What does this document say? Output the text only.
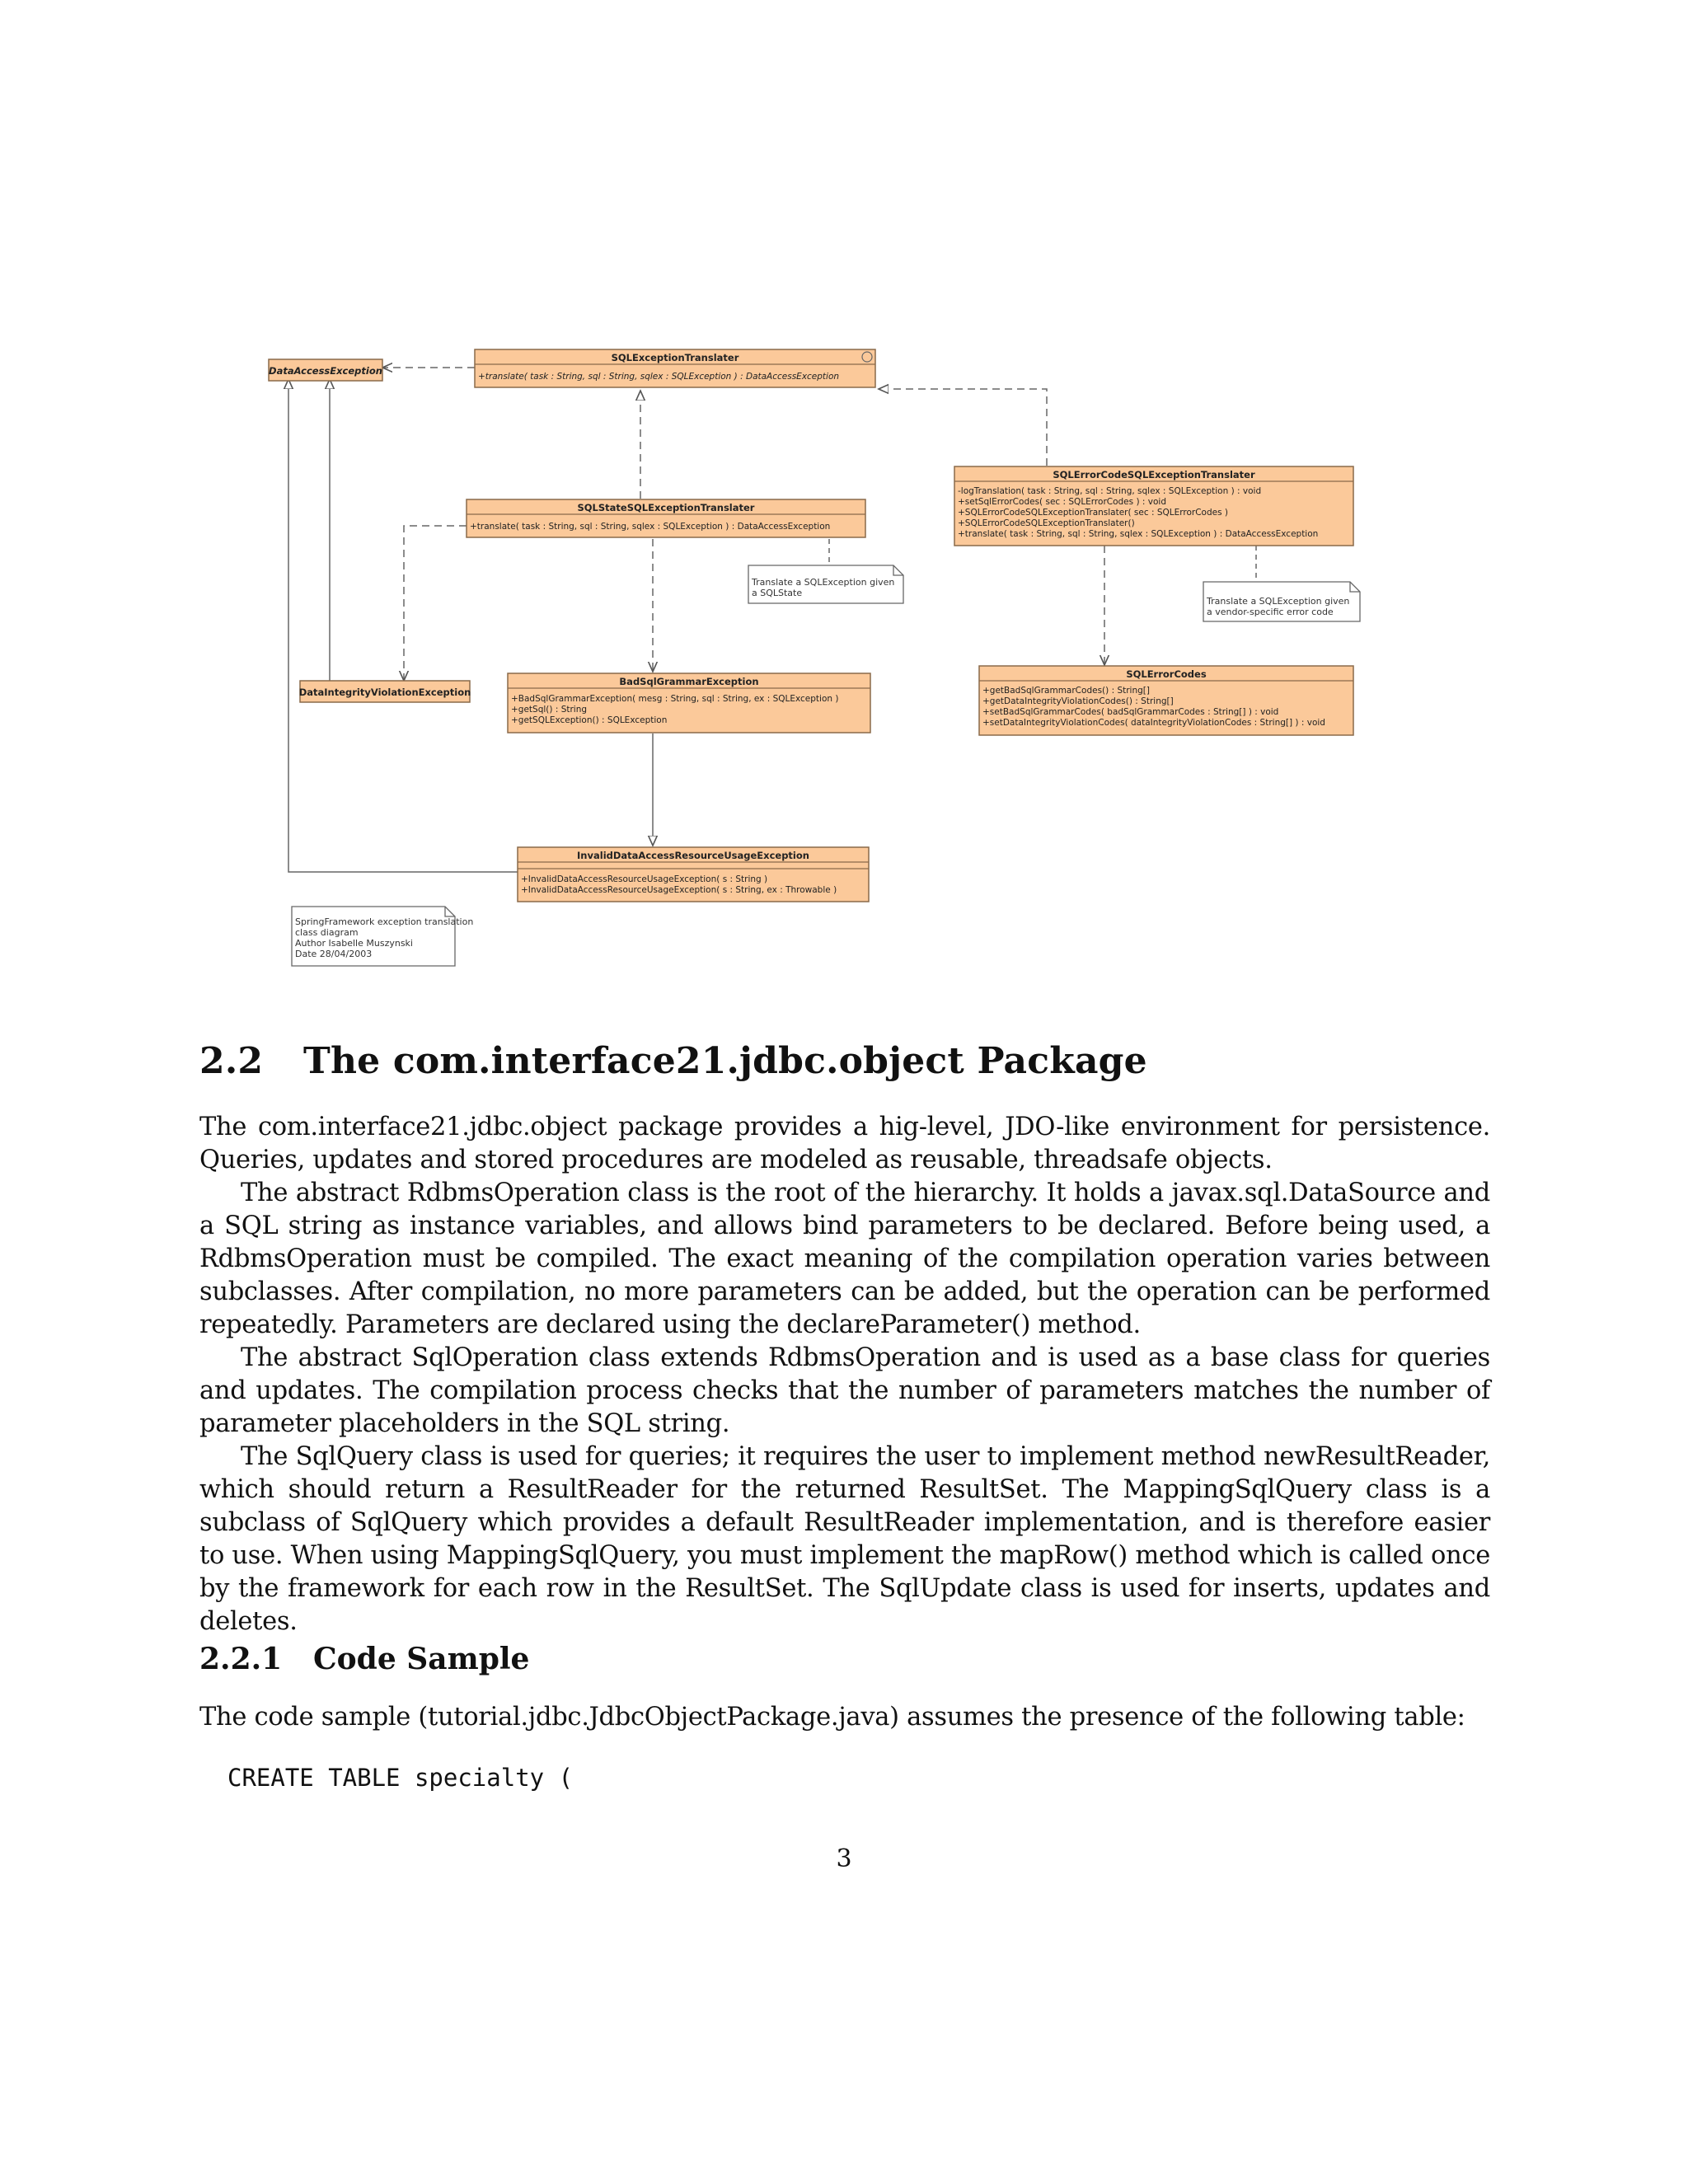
DataAccessException
SQLExceptionTranslater
+translate( task : String, sql : String, sqlex : SQLException ) : DataAccessException
SQLStateSQLExceptionTranslater
+translate( task : String, sql : String, sqlex : SQLException ) : DataAccessException
SQLErrorCodeSQLExceptionTranslater
-logTranslation( task : String, sql : String, sqlex : SQLException ) : void
+setSqlErrorCodes( sec : SQLErrorCodes ) : void
+SQLErrorCodeSQLExceptionTranslater( sec : SQLErrorCodes )
+SQLErrorCodeSQLExceptionTranslater()
+translate( task : String, sql : String, sqlex : SQLException ) : DataAccessException
Translate a SQLException given
a SQLState
Translate a SQLException given
a vendor-specific error code
DataIntegrityViolationException
BadSqlGrammarException
+BadSqlGrammarException( mesg : String, sql : String, ex : SQLException )
+getSql() : String
+getSQLException() : SQLException
SQLErrorCodes
+getBadSqlGrammarCodes() : String[]
+getDataIntegrityViolationCodes() : String[]
+setBadSqlGrammarCodes( badSqlGrammarCodes : String[] ) : void
+setDataIntegrityViolationCodes( dataIntegrityViolationCodes : String[] ) : void
InvalidDataAccessResourceUsageException
+InvalidDataAccessResourceUsageException( s : String )
+InvalidDataAccessResourceUsageException( s : String, ex : Throwable )
SpringFramework exception translation
class diagram
Author Isabelle Muszynski
Date 28/04/2003
2.2 The com.interface21.jdbc.object Package

The com.interface21.jdbc.object package provides a hig-level, JDO-like environment for persistence. Queries, updates and stored procedures are modeled as reusable, threadsafe objects.

The abstract RdbmsOperation class is the root of the hierarchy. It holds a javax.sql.DataSource and a SQL string as instance variables, and allows bind parameters to be declared. Before being used, a RdbmsOperation must be compiled. The exact meaning of the compilation operation varies between subclasses. After compilation, no more parameters can be added, but the operation can be performed repeatedly. Parameters are declared using the declareParameter() method.

The abstract SqlOperation class extends RdbmsOperation and is used as a base class for queries and updates. The compilation process checks that the number of parameters matches the number of parameter placeholders in the SQL string.

The SqlQuery class is used for queries; it requires the user to implement method newResultReader, which should return a ResultReader for the returned ResultSet. The MappingSqlQuery class is a subclass of SqlQuery which provides a default ResultReader implementation, and is therefore easier to use. When using MappingSqlQuery, you must implement the mapRow() method which is called once by the framework for each row in the ResultSet. The SqlUpdate class is used for inserts, updates and deletes.

2.2.1 Code Sample

The code sample (tutorial.jdbc.JdbcObjectPackage.java) assumes the presence of the following table:

CREATE TABLE specialty (
3
